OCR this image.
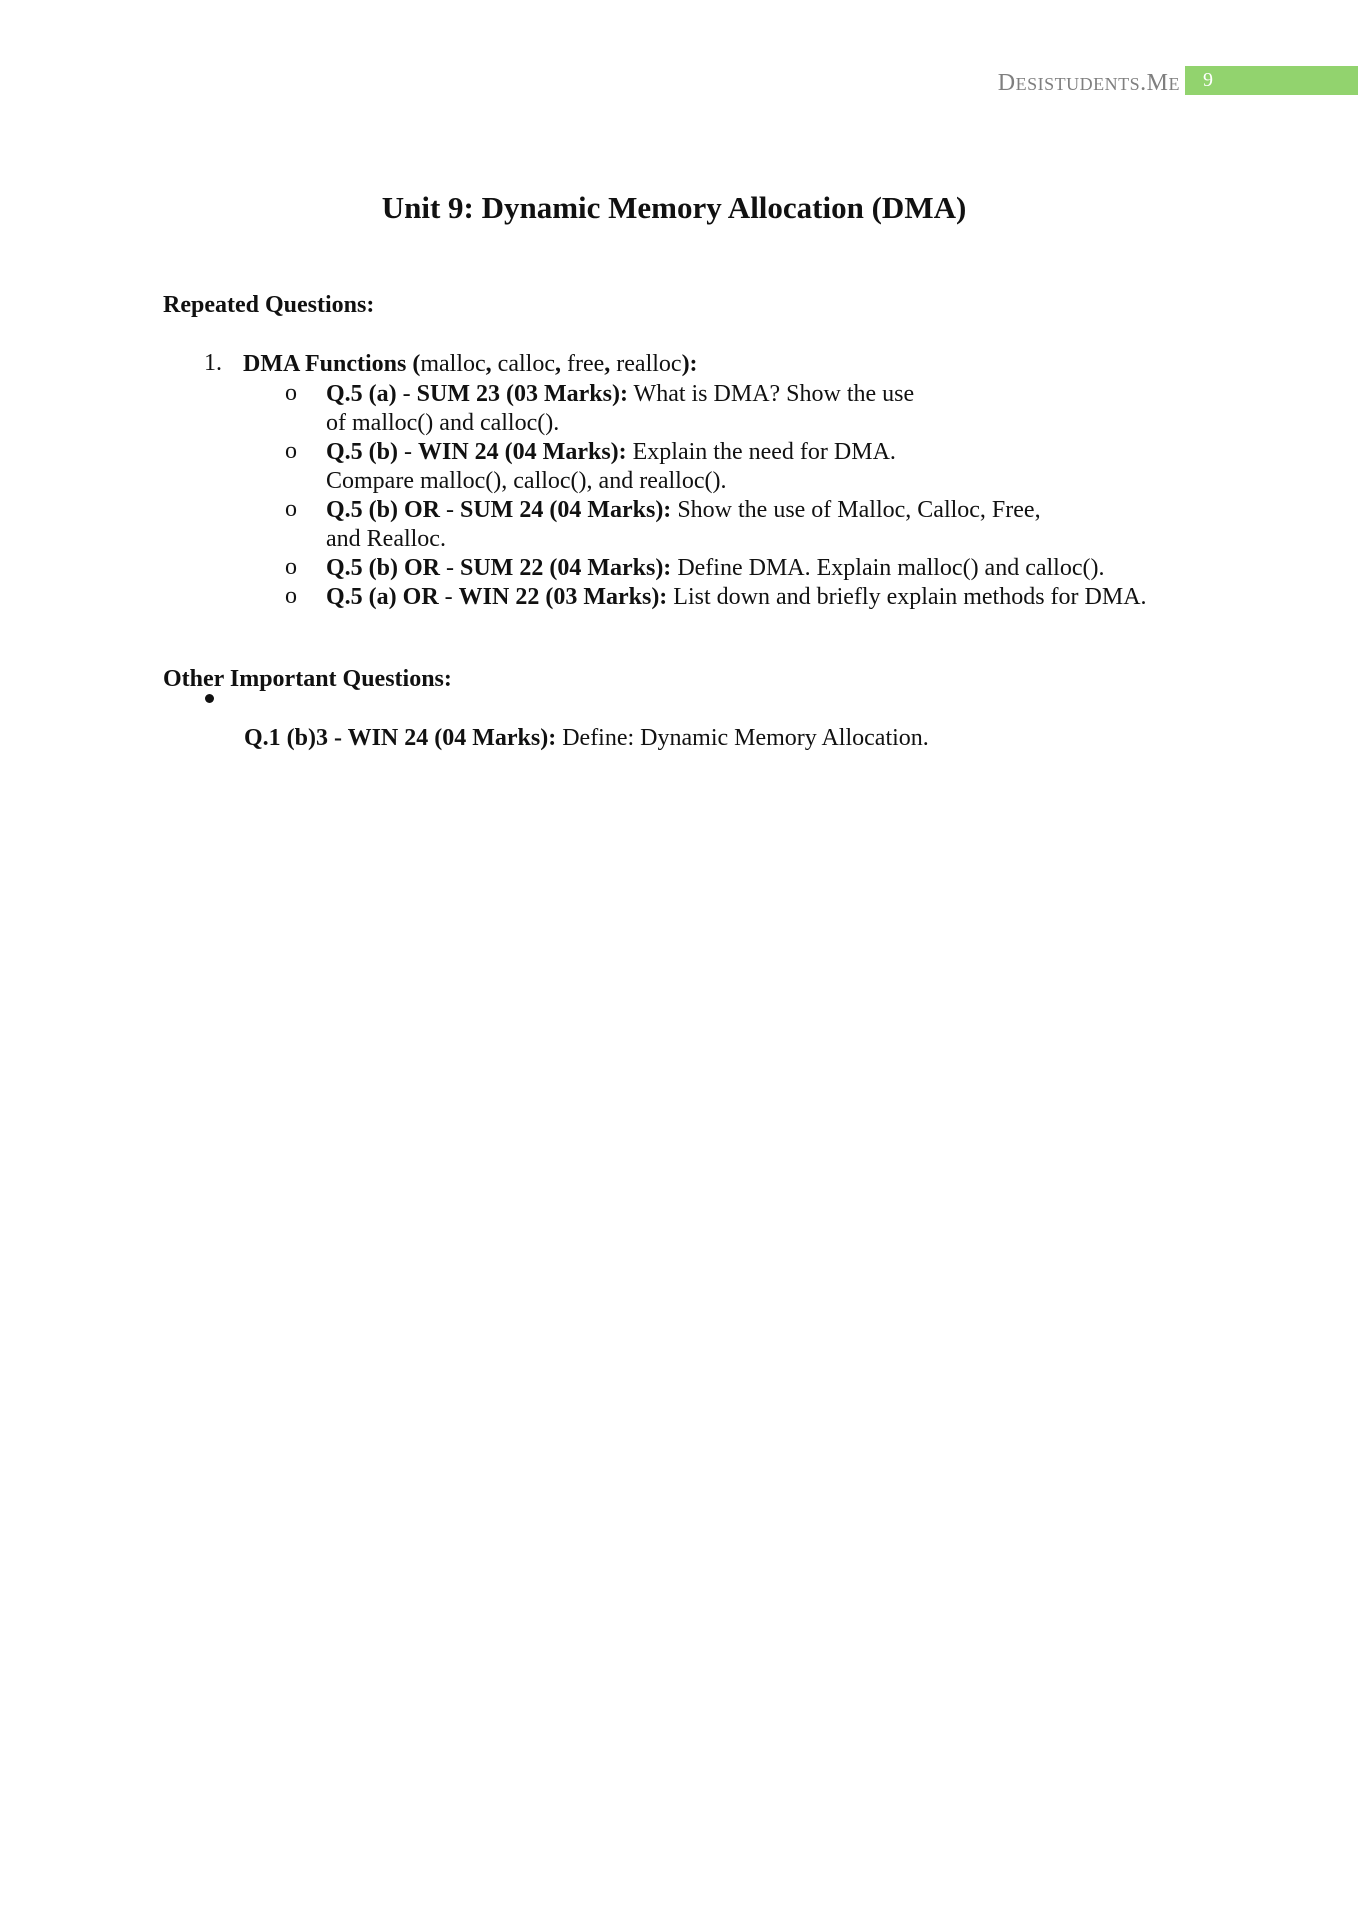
DESISTUDENTS.ME	9
Unit 9: Dynamic Memory Allocation (DMA)
Repeated Questions:
1. DMA Functions (malloc, calloc, free, realloc):
o Q.5 (a) - SUM 23 (03 Marks): What is DMA? Show the use
of malloc() and calloc().
o Q.5 (b) - WIN 24 (04 Marks): Explain the need for DMA.
Compare malloc(), calloc(), and realloc().
o Q.5 (b) OR - SUM 24 (04 Marks): Show the use of Malloc, Calloc, Free,
and Realloc.
o Q.5 (b) OR - SUM 22 (04 Marks): Define DMA. Explain malloc() and calloc().
o Q.5 (a) OR - WIN 22 (03 Marks): List down and briefly explain methods for DMA.
Other Important Questions:
Q.1 (b)3 - WIN 24 (04 Marks): Define: Dynamic Memory Allocation.
